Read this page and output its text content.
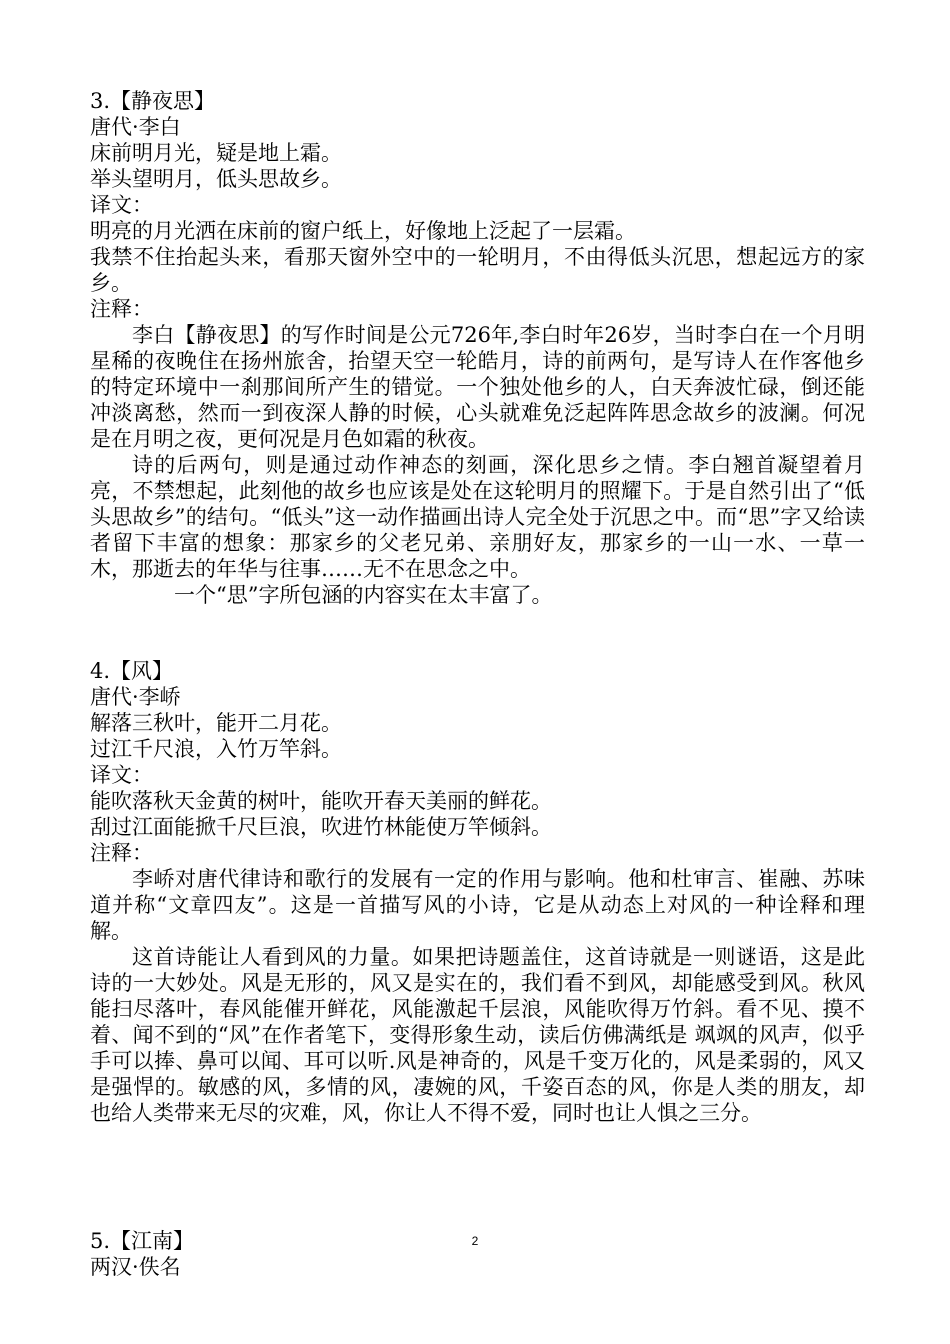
3.【静夜思】
唐代·李白
床前明月光，疑是地上霜。
举头望明月，低头思故乡。
译文：
明亮的月光洒在床前的窗户纸上，好像地上泛起了一层霜。
我禁不住抬起头来，看那天窗外空中的一轮明月，不由得低头沉思，想起远方的家乡。
注释：
李白【静夜思】的写作时间是公元726年,李白时年26岁，当时李白在一个月明星稀的夜晚住在扬州旅舍，抬望天空一轮皓月，诗的前两句，是写诗人在作客他乡的特定环境中一刹那间所产生的错觉。一个独处他乡的人，白天奔波忙碌，倒还能冲淡离愁，然而一到夜深人静的时候，心头就难免泛起阵阵思念故乡的波澜。何况是在月明之夜，更何况是月色如霜的秋夜。
诗的后两句，则是通过动作神态的刻画，深化思乡之情。李白翘首凝望着月亮，不禁想起，此刻他的故乡也应该是处在这轮明月的照耀下。于是自然引出了“低头思故乡”的结句。“低头”这一动作描画出诗人完全处于沉思之中。而“思”字又给读者留下丰富的想象：那家乡的父老兄弟、亲朋好友，那家乡的一山一水、一草一木，那逝去的年华与往事……无不在思念之中。
一个“思”字所包涵的内容实在太丰富了。
4.【风】
唐代·李峤
解落三秋叶，能开二月花。
过江千尺浪，入竹万竿斜。
译文：
能吹落秋天金黄的树叶，能吹开春天美丽的鲜花。
刮过江面能掀千尺巨浪，吹进竹林能使万竿倾斜。
注释：
李峤对唐代律诗和歌行的发展有一定的作用与影响。他和杜审言、崔融、苏味道并称“文章四友”。这是一首描写风的小诗，它是从动态上对风的一种诠释和理解。
这首诗能让人看到风的力量。如果把诗题盖住，这首诗就是一则谜语，这是此诗的一大妙处。风是无形的，风又是实在的，我们看不到风，却能感受到风。秋风能扫尽落叶，春风能催开鲜花，风能激起千层浪，风能吹得万竹斜。看不见、摸不着、闻不到的“风”在作者笔下，变得形象生动，读后仿佛满纸是 飒飒的风声，似乎手可以捧、鼻可以闻、耳可以听.风是神奇的，风是千变万化的，风是柔弱的，风又是强悍的。敏感的风，多情的风，凄婉的风，千姿百态的风，你是人类的朋友，却也给人类带来无尽的灾难，风，你让人不得不爱，同时也让人惧之三分。
5.【江南】
两汉·佚名
2
